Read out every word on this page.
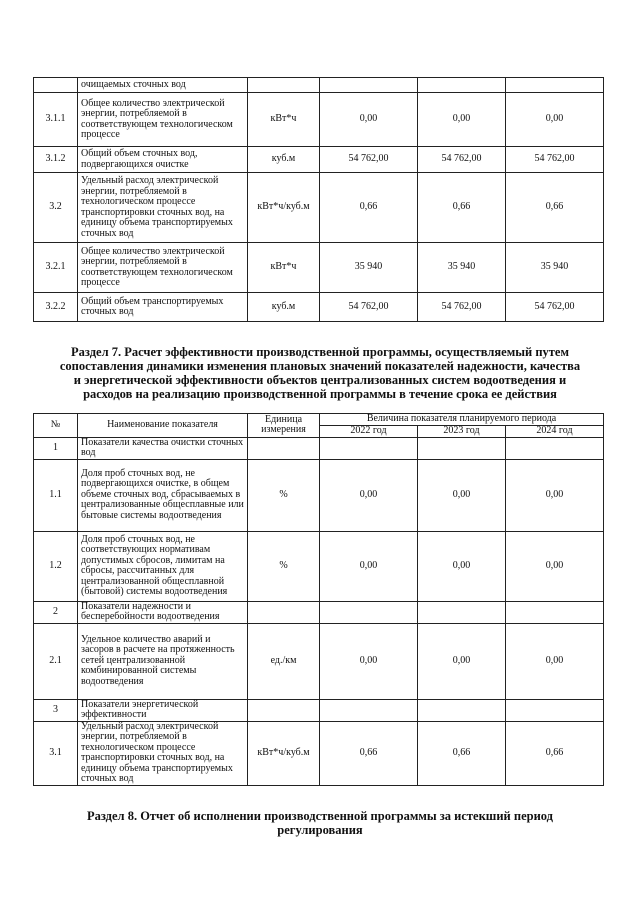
	очищаемых сточных вод				
3.1.1	Общее количество электрической энергии, потребляемой в соответствующем технологическом процессе	кВт*ч	0,00	0,00	0,00
3.1.2	Общий объем сточных вод, подвергающихся очистке	куб.м	54 762,00	54 762,00	54 762,00
3.2	Удельный расход электрической энергии, потребляемой в технологическом процессе транспортировки сточных вод, на единицу объема транспортируемых сточных вод	кВт*ч/куб.м	0,66	0,66	0,66
3.2.1	Общее количество электрической энергии, потребляемой в соответствующем технологическом процессе	кВт*ч	35 940	35 940	35 940
3.2.2	Общий объем транспортируемых сточных вод	куб.м	54 762,00	54 762,00	54 762,00
Раздел 7. Расчет эффективности производственной программы, осуществляемый путем
сопоставления динамики изменения плановых значений показателей надежности, качества
и энергетической эффективности объектов централизованных систем водоотведения и
расходов на реализацию производственной программы в течение срока ее действия
№	Наименование показателя	Единица измерения	Величина показателя планируемого периода		
			2022 год	2023 год	2024 год
1	Показатели качества очистки сточных вод				
1.1	Доля проб сточных вод, не подвергающихся очистке, в общем объеме сточных вод, сбрасываемых в централизованные общесплавные или бытовые системы водоотведения	%	0,00	0,00	0,00
1.2	Доля проб сточных вод, не соответствующих нормативам допустимых сбросов, лимитам на сбросы, рассчитанных для централизованной общесплавной (бытовой) системы водоотведения	%	0,00	0,00	0,00
2	Показатели надежности и бесперебойности водоотведения				
2.1	Удельное количество аварий и засоров в расчете на протяженность сетей централизованной комбинированной системы водоотведения	ед./км	0,00	0,00	0,00
3	Показатели энергетической эффективности				
3.1	Удельный расход электрической энергии, потребляемой в технологическом процессе транспортировки сточных вод, на единицу объема транспортируемых сточных вод	кВт*ч/куб.м	0,66	0,66	0,66
Раздел 8. Отчет об исполнении производственной программы за истекший период
регулирования
